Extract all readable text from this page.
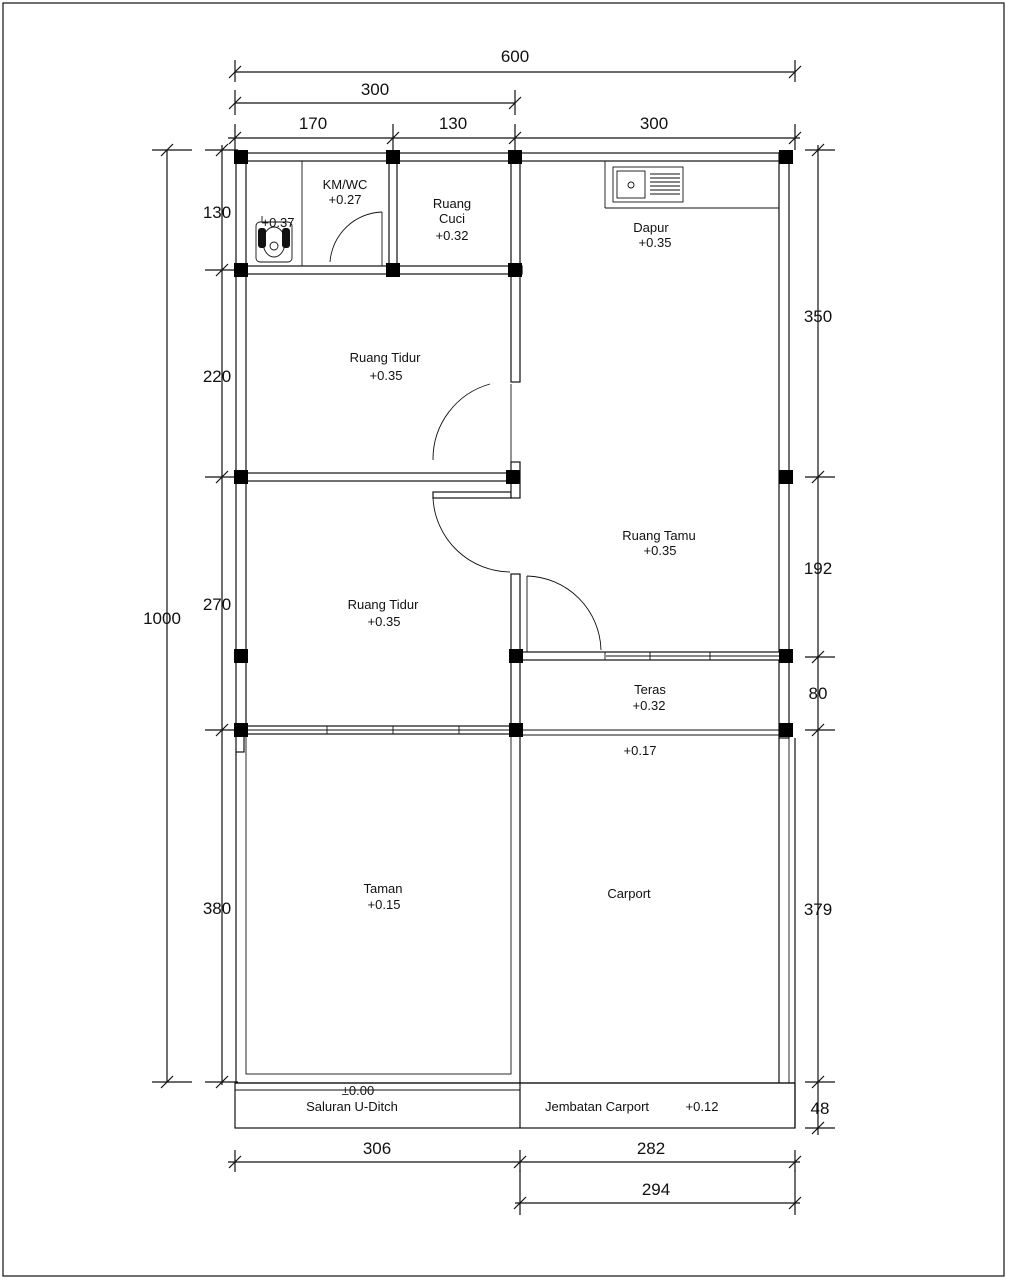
600
300
170	130	300
130
220
270
380
1000
350
192
80
379
48
306	282
294
KM/WC
+0.27
+0.37
Ruang
Cuci
+0.32
Dapur
+0.35
Ruang Tidur
+0.35
Ruang Tidur
+0.35
Ruang Tamu
+0.35
Teras
+0.32
+0.17
Taman
+0.15
Carport
±0.00
Saluran U-Ditch	Jembatan Carport	+0.12
